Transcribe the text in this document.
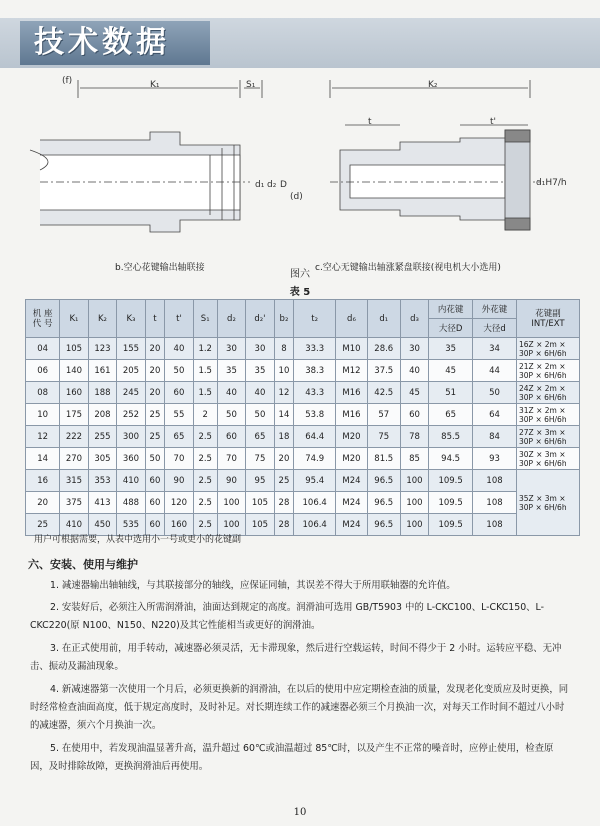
技术数据
(f)	K₁	S₁
d₁ d₂ D
(d)
K₂
t	t'
d₁H7/h
b.空心花键输出轴联接	c.空心无键输出轴涨紧盘联接(视电机大小选用)
图六
表 5
机 座
代 号	K₁	K₂	K₃	t	t'	S₁	d₂	d₂'	b₂	t₂	d₆	d₁	d₃	内花键	外花键	花键副
INT/EXT
														大径D	大径d	
04	105	123	155	20	40	1.2	30	30	8	33.3	M10	28.6	30	35	34	16Z × 2m × 30P × 6H/6h
06	140	161	205	20	50	1.5	35	35	10	38.3	M12	37.5	40	45	44	21Z × 2m × 30P × 6H/6h
08	160	188	245	20	60	1.5	40	40	12	43.3	M16	42.5	45	51	50	24Z × 2m × 30P × 6H/6h
10	175	208	252	25	55	2	50	50	14	53.8	M16	57	60	65	64	31Z × 2m × 30P × 6H/6h
12	222	255	300	25	65	2.5	60	65	18	64.4	M20	75	78	85.5	84	27Z × 3m × 30P × 6H/6h
14	270	305	360	50	70	2.5	70	75	20	74.9	M20	81.5	85	94.5	93	30Z × 3m × 30P × 6H/6h
16	315	353	410	60	90	2.5	90	95	25	95.4	M24	96.5	100	109.5	108	35Z × 3m × 30P × 6H/6h
20	375	413	488	60	120	2.5	100	105	28	106.4	M24	96.5	100	109.5	108	
25	410	450	535	60	160	2.5	100	105	28	106.4	M24	96.5	100	109.5	108	
用户可根据需要，从表中选用小一号或更小的花键副
六、安装、使用与维护
1. 减速器输出轴轴线，与其联接部分的轴线，应保证同轴，其误差不得大于所用联轴器的允许值。
2. 安装好后，必须注入所需润滑油，油面达到规定的高度。润滑油可选用 GB/T5903 中的 L-CKC100、L-CKC150、L-CKC220(原 N100、N150、N220)及其它性能相当或更好的润滑油。
3. 在正式使用前，用手转动，减速器必须灵活，无卡滞现象，然后进行空载运转，时间不得少于 2 小时。运转应平稳、无冲击、振动及漏油现象。
4. 新减速器第一次使用一个月后，必须更换新的润滑油，在以后的使用中应定期检查油的质量，发现老化变质应及时更换，同时经常检查油面高度，低于规定高度时，及时补足。对长期连续工作的减速器必须三个月换油一次，对每天工作时间不超过八小时的减速器，须六个月换油一次。
5. 在使用中，若发现油温显著升高，温升超过 60℃或油温超过 85℃时，以及产生不正常的噪音时，应停止使用，检查原因，及时排除故障，更换润滑油后再使用。
10
